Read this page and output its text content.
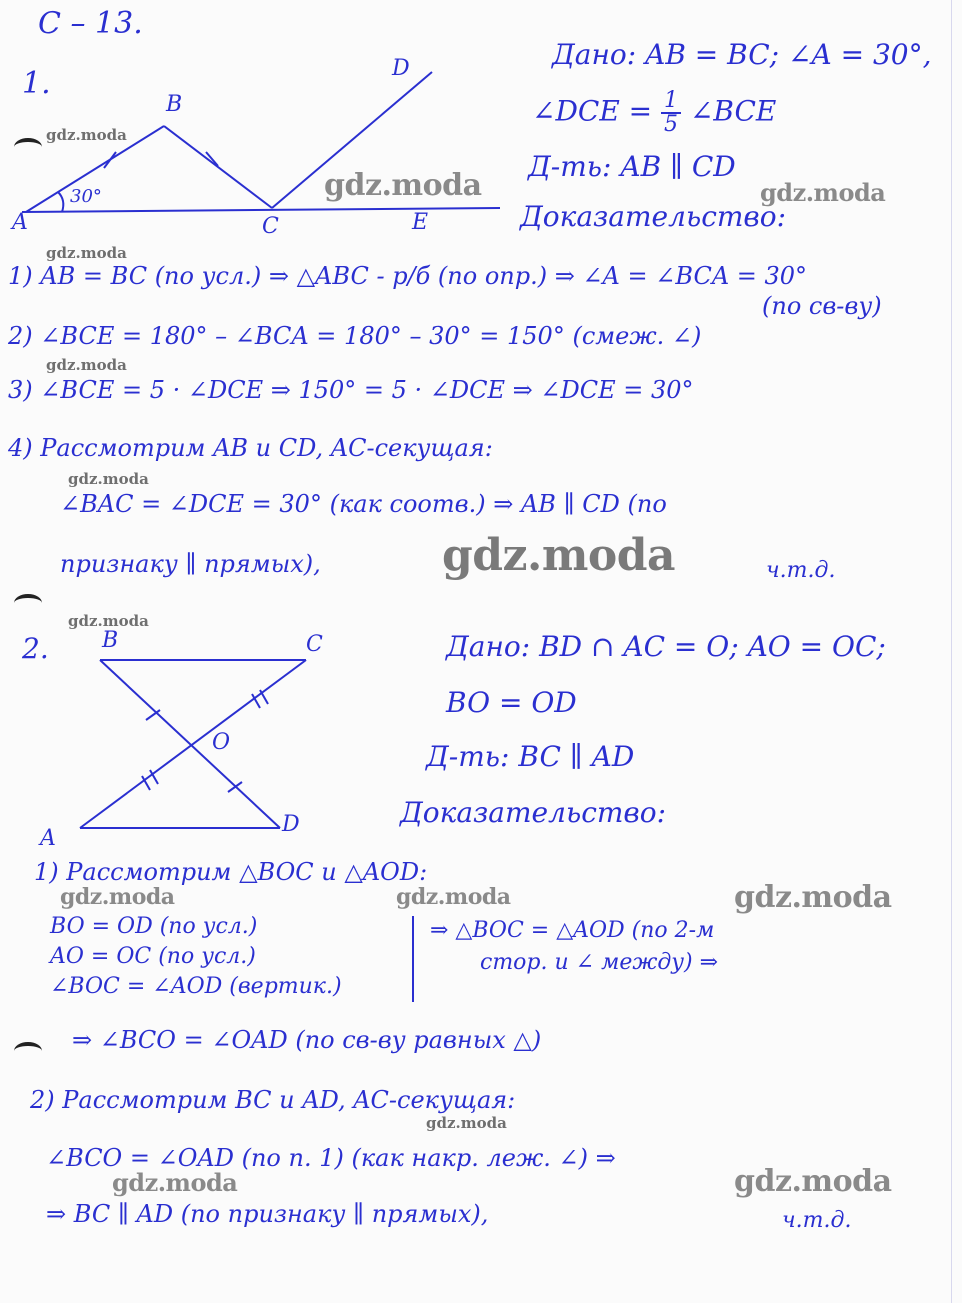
С – 13.
1.
B
D
A	C	E
30°
Дано: AB = BC; ∠A = 30°,
∠DCE = $\frac{1}{5}$ ∠BCE
Д-ть: AB ∥ CD
Доказательство:
1) AB = BC (по усл.) ⇒ △ABC - р/б (по опр.) ⇒ ∠A = ∠BCA = 30°
(по св-ву)
2) ∠BCE = 180° – ∠BCA = 180° – 30° = 150° (смеж. ∠)
3) ∠BCE = 5 · ∠DCE ⇒ 150° = 5 · ∠DCE ⇒ ∠DCE = 30°
4) Рассмотрим AB и CD, AC-секущая:
∠BAC = ∠DCE = 30° (как соотв.) ⇒ AB ∥ CD (по
признаку ∥ прямых),	ч.т.д.
2. B	C
O
A
D
Дано: BD ∩ AC = O; AO = OC;
BO = OD
Д-ть: BC ∥ AD
Доказательство:
1) Рассмотрим △BOC и △AOD:
BO = OD (по усл.)
AO = OC (по усл.)
∠BOC = ∠AOD (вертик.)
⇒ △BOC = △AOD (по 2-м
стор. и ∠ между) ⇒
⇒ ∠BCO = ∠OAD (по св-ву равных △)
2) Рассмотрим BC и AD, AC-секущая:
∠BCO = ∠OAD (по п. 1) (как накр. леж. ∠) ⇒
⇒ BC ∥ AD (по признаку ∥ прямых),	ч.т.д.
gdz.moda
gdz.moda	gdz.moda
gdz.moda
gdz.moda
gdz.moda
gdz.moda
gdz.moda
gdz.moda	gdz.moda	gdz.moda
gdz.moda
gdz.moda	gdz.moda
